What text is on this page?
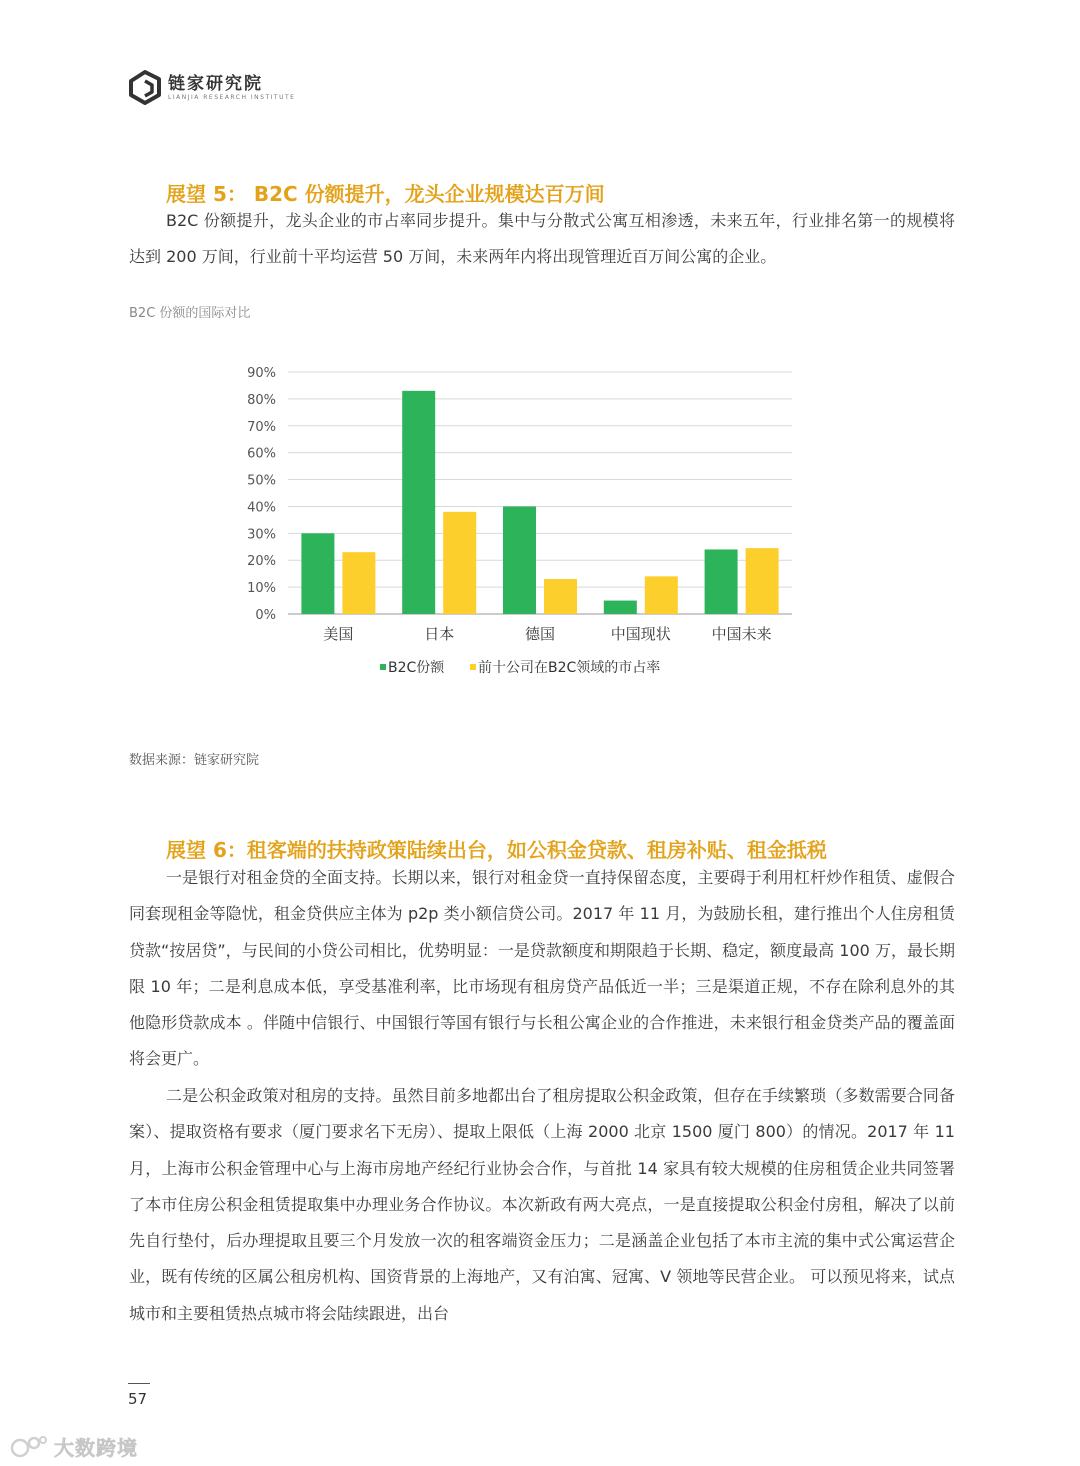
链家研究院
LIANJIA RESEARCH INSTITUTE
展望 5： B2C 份额提升，龙头企业规模达百万间

B2C 份额提升，龙头企业的市占率同步提升。集中与分散式公寓互相渗透，未来五年，行业排名第一的规模将达到 200 万间，行业前十平均运营 50 万间，未来两年内将出现管理近百万间公寓的企业。

B2C 份额的国际对比
0%
10%
20%
30%
40%
50%
60%
70%
80%
90%
美国	日本	德国	中国现状	中国未来
B2C份额 前十公司在B2C领域的市占率
数据来源：链家研究院
展望 6：租客端的扶持政策陆续出台，如公积金贷款、租房补贴、租金抵税

一是银行对租金贷的全面支持。长期以来，银行对租金贷一直持保留态度，主要碍于利用杠杆炒作租赁、虚假合同套现租金等隐忧，租金贷供应主体为 p2p 类小额信贷公司。2017 年 11 月，为鼓励长租，建行推出个人住房租赁贷款“按居贷”，与民间的小贷公司相比，优势明显：一是贷款额度和期限趋于长期、稳定，额度最高 100 万，最长期限 10 年；二是利息成本低，享受基准利率，比市场现有租房贷产品低近一半；三是渠道正规，不存在除利息外的其他隐形贷款成本 。伴随中信银行、中国银行等国有银行与长租公寓企业的合作推进，未来银行租金贷类产品的覆盖面将会更广。

二是公积金政策对租房的支持。虽然目前多地都出台了租房提取公积金政策，但存在手续繁琐（多数需要合同备案）、提取资格有要求（厦门要求名下无房）、提取上限低（上海 2000 北京 1500 厦门 800）的情况。2017 年 11 月，上海市公积金管理中心与上海市房地产经纪行业协会合作，与首批 14 家具有较大规模的住房租赁企业共同签署了本市住房公积金租赁提取集中办理业务合作协议。本次新政有两大亮点，一是直接提取公积金付房租，解决了以前先自行垫付，后办理提取且要三个月发放一次的租客端资金压力；二是涵盖企业包括了本市主流的集中式公寓运营企业，既有传统的区属公租房机构、国资背景的上海地产，又有泊寓、冠寓、V 领地等民营企业。 可以预见将来，试点城市和主要租赁热点城市将会陆续跟进，出台

57
大数跨境
